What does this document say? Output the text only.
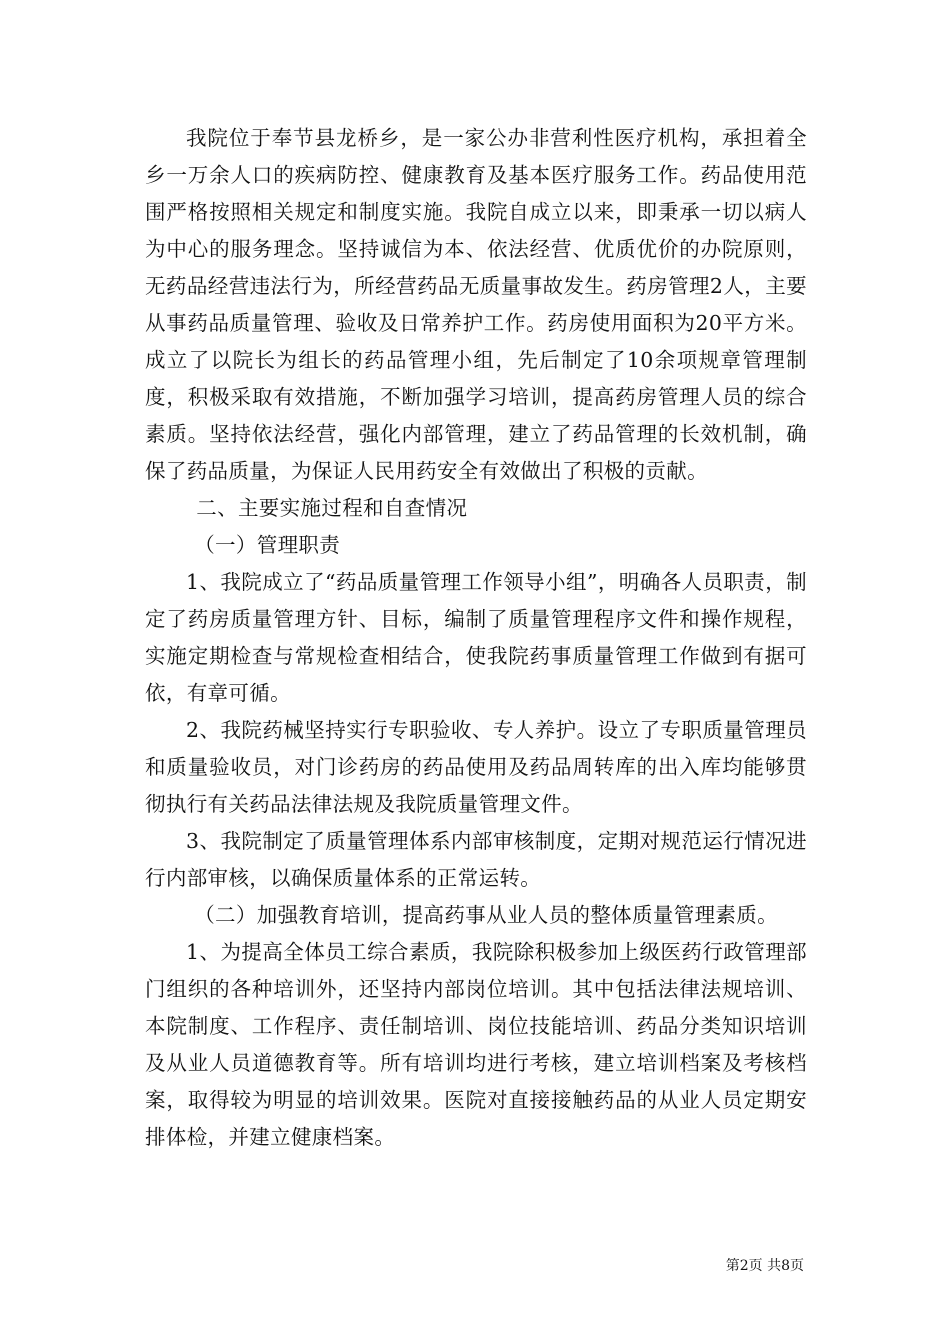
我院位于奉节县龙桥乡，是一家公办非营利性医疗机构，承担着全乡一万余人口的疾病防控、健康教育及基本医疗服务工作。药品使用范围严格按照相关规定和制度实施。我院自成立以来，即秉承一切以病人为中心的服务理念。坚持诚信为本、依法经营、优质优价的办院原则，无药品经营违法行为，所经营药品无质量事故发生。药房管理2人，主要从事药品质量管理、验收及日常养护工作。药房使用面积为20平方米。成立了以院长为组长的药品管理小组，先后制定了10余项规章管理制度，积极采取有效措施，不断加强学习培训，提高药房管理人员的综合素质。坚持依法经营，强化内部管理，建立了药品管理的长效机制，确保了药品质量，为保证人民用药安全有效做出了积极的贡献。

二、主要实施过程和自查情况

（一）管理职责

1、我院成立了“药品质量管理工作领导小组”，明确各人员职责，制定了药房质量管理方针、目标，编制了质量管理程序文件和操作规程，实施定期检查与常规检查相结合，使我院药事质量管理工作做到有据可依，有章可循。

2、我院药械坚持实行专职验收、专人养护。设立了专职质量管理员和质量验收员，对门诊药房的药品使用及药品周转库的出入库均能够贯彻执行有关药品法律法规及我院质量管理文件。

3、我院制定了质量管理体系内部审核制度，定期对规范运行情况进行内部审核，以确保质量体系的正常运转。

（二）加强教育培训，提高药事从业人员的整体质量管理素质。

1、为提高全体员工综合素质，我院除积极参加上级医药行政管理部门组织的各种培训外，还坚持内部岗位培训。其中包括法律法规培训、本院制度、工作程序、责任制培训、岗位技能培训、药品分类知识培训及从业人员道德教育等。所有培训均进行考核，建立培训档案及考核档案，取得较为明显的培训效果。医院对直接接触药品的从业人员定期安排体检，并建立健康档案。

第2页 共8页
